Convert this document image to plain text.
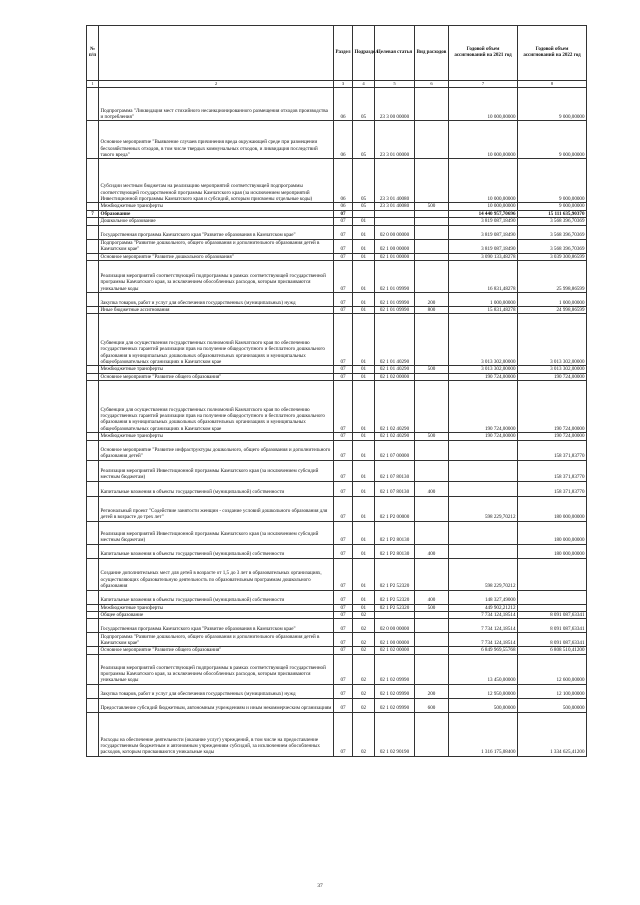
№ п/п		Раздел	Подраздел	Целевая статья	Вид расходов	Годовой объем ассигнований на 2021 год	Годовой объем ассигнований на 2022 год
1	2	3	4	5	6	7	8
	Подпрограмма "Ликвидация мест стихийного несанкционированного размещения отходов производства и потребления"	06	05	23 3 00 00000		10 000,00000	9 000,00000
	Основное мероприятие "Выявление случаев причинения вреда окружающей среде при размещении бесхозяйственных отходов, в том числе твердых коммунальных отходов, и ликвидация последствий такого вреда"	06	05	23 3 01 00000		10 000,00000	9 000,00000
	Субсидии местным бюджетам на реализацию мероприятий соответствующей подпрограммы соответствующей государственной программы Камчатского края (за исключением мероприятий Инвестиционной программы Камчатского края и субсидий, которым присвоены отдельные коды)	06	05	23 3 01 40080		10 000,00000	9 000,00000
	Межбюджетные трансферты	06	05	23 3 01 40080	500	10 000,00000	9 000,00000
7	Образование	07				14 440 957,70696	15 111 635,90370
	Дошкольное образование	07	01			3 819 087,18490	3 568 396,70369
	Государственная программа Камчатского края "Развитие образования в Камчатском крае"	07	01	02 0 00 00000		3 819 087,18490	3 568 396,70369
	Подпрограмма "Развитие дошкольного, общего образования и дополнительного образования детей в Камчатском крае"	07	01	02 1 00 00000		3 819 087,18490	3 568 396,70369
	Основное мероприятие "Развитие дошкольного образования"	07	01	02 1 01 00000		3 090 133,48278	3 039 300,86599
	Реализация мероприятий соответствующей подпрограммы в рамках соответствующей государственной программы Камчатского края, за исключением обособленных расходов, которым присваиваются уникальные коды	07	01	02 1 01 09990		16 831,48278	25 998,86599
	Закупка товаров, работ и услуг для обеспечения государственных (муниципальных) нужд	07	01	02 1 01 09990	200	1 000,00000	1 000,00000
	Иные бюджетные ассигнования	07	01	02 1 01 09990	800	15 831,48278	24 998,86599
	Субвенции для осуществления государственных полномочий Камчатского края по обеспечению государственных гарантий реализации прав на получение общедоступного и бесплатного дошкольного образования в муниципальных дошкольных образовательных организациях и муниципальных общеобразовательных организациях в Камчатском крае	07	01	02 1 01 40290		3 013 302,00000	3 013 302,00000
	Межбюджетные трансферты	07	01	02 1 01 40290	500	3 013 302,00000	3 013 302,00000
	Основное мероприятие "Развитие общего образования"	07	01	02 1 02 00000		190 724,00000	190 724,00000
	Субвенции для осуществления государственных полномочий Камчатского края по обеспечению государственных гарантий реализации прав на получение общедоступного и бесплатного дошкольного образования в муниципальных дошкольных образовательных организациях и муниципальных общеобразовательных организациях в Камчатском крае	07	01	02 1 02 40290		190 724,00000	190 724,00000
	Межбюджетные трансферты	07	01	02 1 02 40290	500	190 724,00000	190 724,00000
	Основное мероприятие "Развитие инфраструктуры дошкольного, общего образования и дополнительного образования детей"	07	01	02 1 07 00000			158 371,83770
	Реализация мероприятий Инвестиционной программы Камчатского края (за исключением субсидий местным бюджетам)	07	01	02 1 07 80130			158 371,83770
	Капитальные вложения в объекты государственной (муниципальной) собственности	07	01	02 1 07 80130	400		158 371,83770
	Региональный проект "Содействие занятости женщин - создание условий дошкольного образования для детей в возрасте до трех лет"	07	01	02 1 P2 00000		598 229,70212	180 000,00000
	Реализация мероприятий Инвестиционной программы Камчатского края (за исключением субсидий местным бюджетам)	07	01	02 1 P2 80130			180 000,00000
	Капитальные вложения в объекты государственной (муниципальной) собственности	07	01	02 1 P2 80130	400		180 000,00000
	Создание дополнительных мест для детей в возрасте от 1,5 до 3 лет в образовательных организациях, осуществляющих образовательную деятельность по образовательным программам дошкольного образования	07	01	02 1 P2 52320		598 229,70212	
	Капитальные вложения в объекты государственной (муниципальной) собственности	07	01	02 1 P2 52320	400	148 327,49000	
	Межбюджетные трансферты	07	01	02 1 P2 52320	500	449 902,21212	
	Общее образование	07	02			7 734 124,18514	8 091 087,63341
	Государственная программа Камчатского края "Развитие образования в Камчатском крае"	07	02	02 0 00 00000		7 734 124,18514	8 091 087,63341
	Подпрограмма "Развитие дошкольного, общего образования и дополнительного образования детей в Камчатском крае"	07	02	02 1 00 00000		7 734 124,18514	8 091 087,63341
	Основное мероприятие "Развитие общего образования"	07	02	02 1 02 00000		6 849 969,55768	6 808 510,41200
	Реализация мероприятий соответствующей подпрограммы в рамках соответствующей государственной программы Камчатского края, за исключением обособленных расходов, которым присваиваются уникальные коды	07	02	02 1 02 09990		13 450,00000	12 600,00000
	Закупка товаров, работ и услуг для обеспечения государственных (муниципальных) нужд	07	02	02 1 02 09990	200	12 950,00000	12 100,00000
	Предоставление субсидий бюджетным, автономным учреждениям и иным некоммерческим организациям	07	02	02 1 02 09990	600	500,00000	500,00000
	Расходы на обеспечение деятельности (оказание услуг) учреждений, в том числе на предоставление государственным бюджетным и автономным учреждениям субсидий, за исключением обособленных расходов, которым присваиваются уникальные коды	07	02	02 1 02 90190		1 316 175,08400	1 334 625,41200
37
